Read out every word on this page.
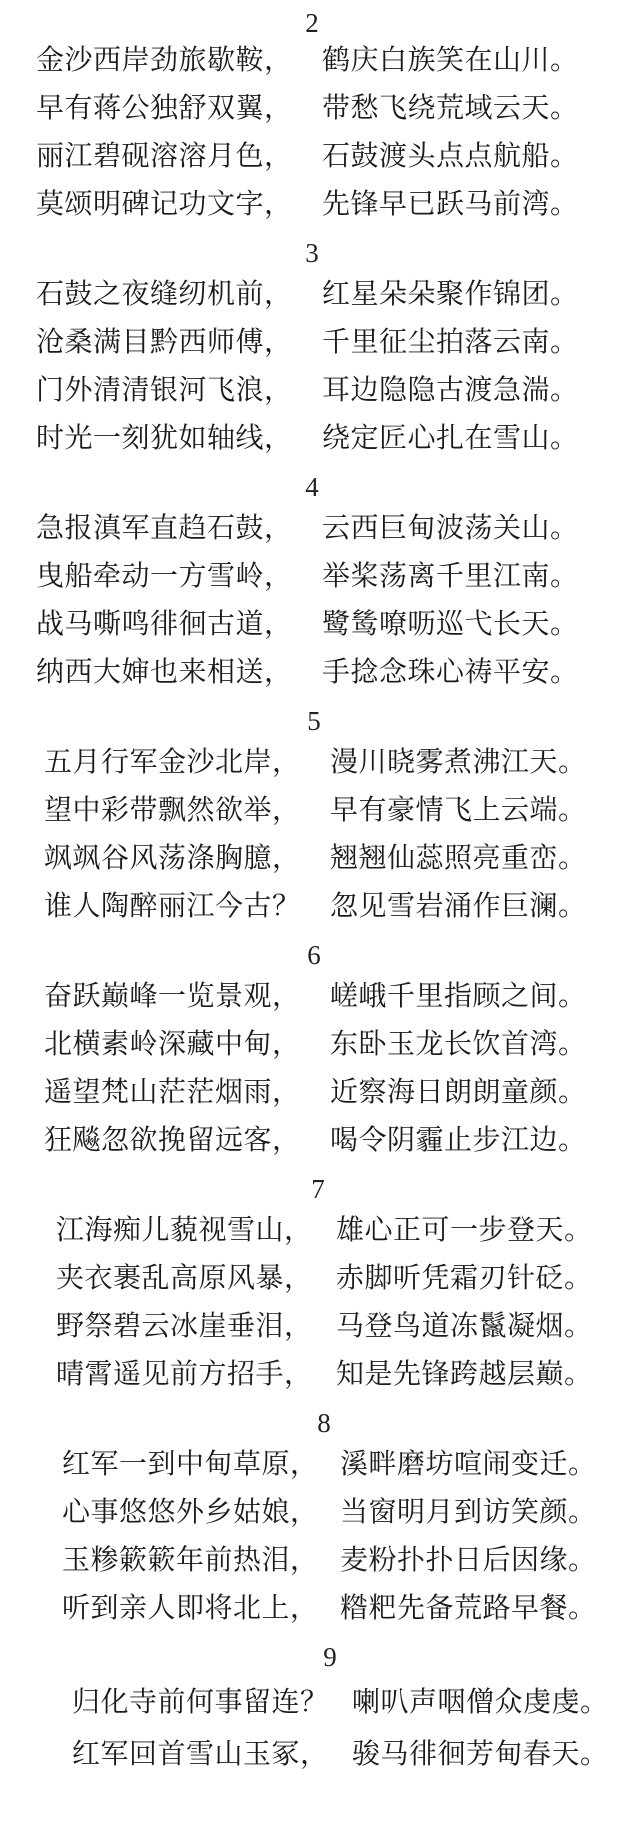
2
金沙西岸劲旅歇鞍， 鹤庆白族笑在山川。
早有蒋公独舒双翼， 带愁飞绕荒域云天。
丽江碧砚溶溶月色， 石鼓渡头点点航船。
莫颂明碑记功文字， 先锋早已跃马前湾。
3
石鼓之夜缝纫机前， 红星朵朵聚作锦团。
沧桑满目黔西师傅， 千里征尘拍落云南。
门外清清银河飞浪， 耳边隐隐古渡急湍。
时光一刻犹如轴线， 绕定匠心扎在雪山。
4
急报滇军直趋石鼓， 云西巨甸波荡关山。
曳船牵动一方雪岭， 举桨荡离千里江南。
战马嘶鸣徘徊古道， 鹭鸶嘹呖巡弋长天。
纳西大婶也来相送， 手捻念珠心祷平安。
5
五月行军金沙北岸， 漫川晓雾煮沸江天。
望中彩带飘然欲举， 早有豪情飞上云端。
飒飒谷风荡涤胸臆， 翘翘仙蕊照亮重峦。
谁人陶醉丽江今古？ 忽见雪岩涌作巨澜。
6
奋跃巅峰一览景观， 嵯峨千里指顾之间。
北横素岭深藏中甸， 东卧玉龙长饮首湾。
遥望梵山茫茫烟雨， 近察海日朗朗童颜。
狂飚忽欲挽留远客， 喝令阴霾止步江边。
7
江海痴儿藐视雪山， 雄心正可一步登天。
夹衣裹乱高原风暴， 赤脚听凭霜刃针砭。
野祭碧云冰崖垂泪， 马登鸟道冻鬣凝烟。
晴霄遥见前方招手， 知是先锋跨越层巅。
8
红军一到中甸草原， 溪畔磨坊喧闹变迁。
心事悠悠外乡姑娘， 当窗明月到访笑颜。
玉糁簌簌年前热泪， 麦粉扑扑日后因缘。
听到亲人即将北上， 糌粑先备荒路早餐。
9
归化寺前何事留连？ 喇叭声咽僧众虔虔。
红军回首雪山玉冢， 骏马徘徊芳甸春天。
